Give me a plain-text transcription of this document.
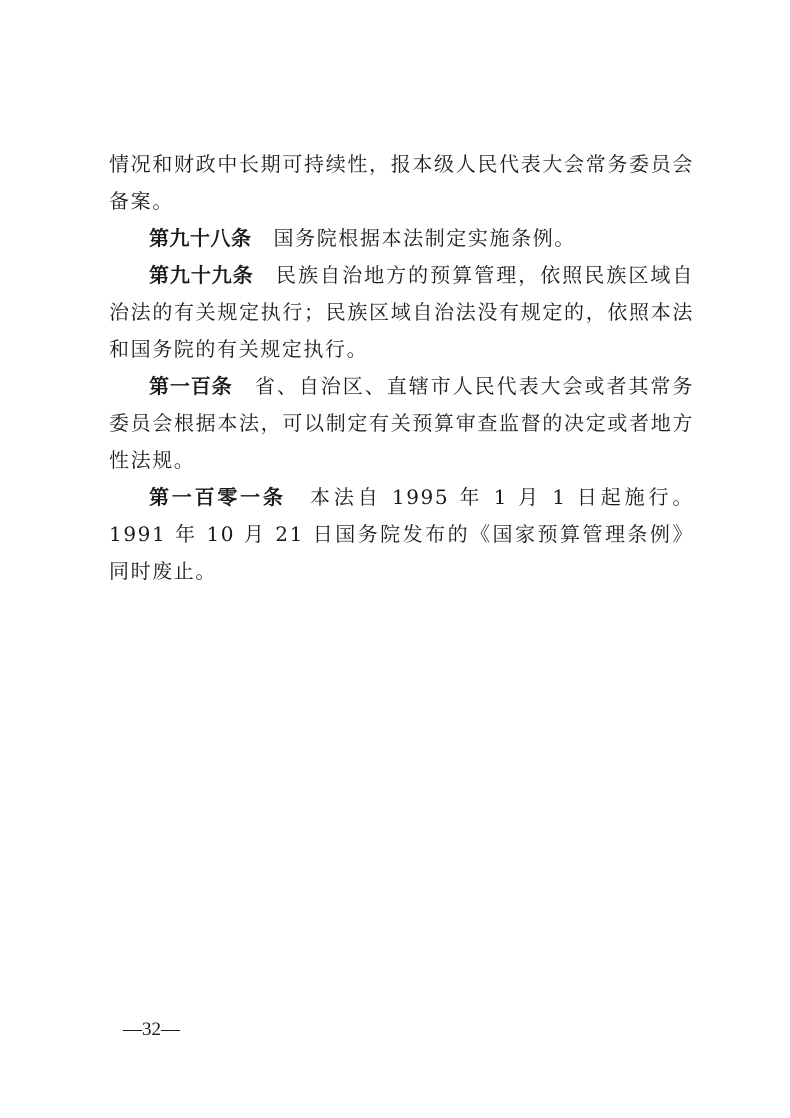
情况和财政中长期可持续性，报本级人民代表大会常务委员会备案。

第九十八条 国务院根据本法制定实施条例。

第九十九条 民族自治地方的预算管理，依照民族区域自治法的有关规定执行；民族区域自治法没有规定的，依照本法和国务院的有关规定执行。

第一百条 省、自治区、直辖市人民代表大会或者其常务委员会根据本法，可以制定有关预算审查监督的决定或者地方性法规。

第一百零一条 本法自 1995 年 1 月 1 日起施行。1991 年 10 月 21 日国务院发布的《国家预算管理条例》同时废止。

—32—
